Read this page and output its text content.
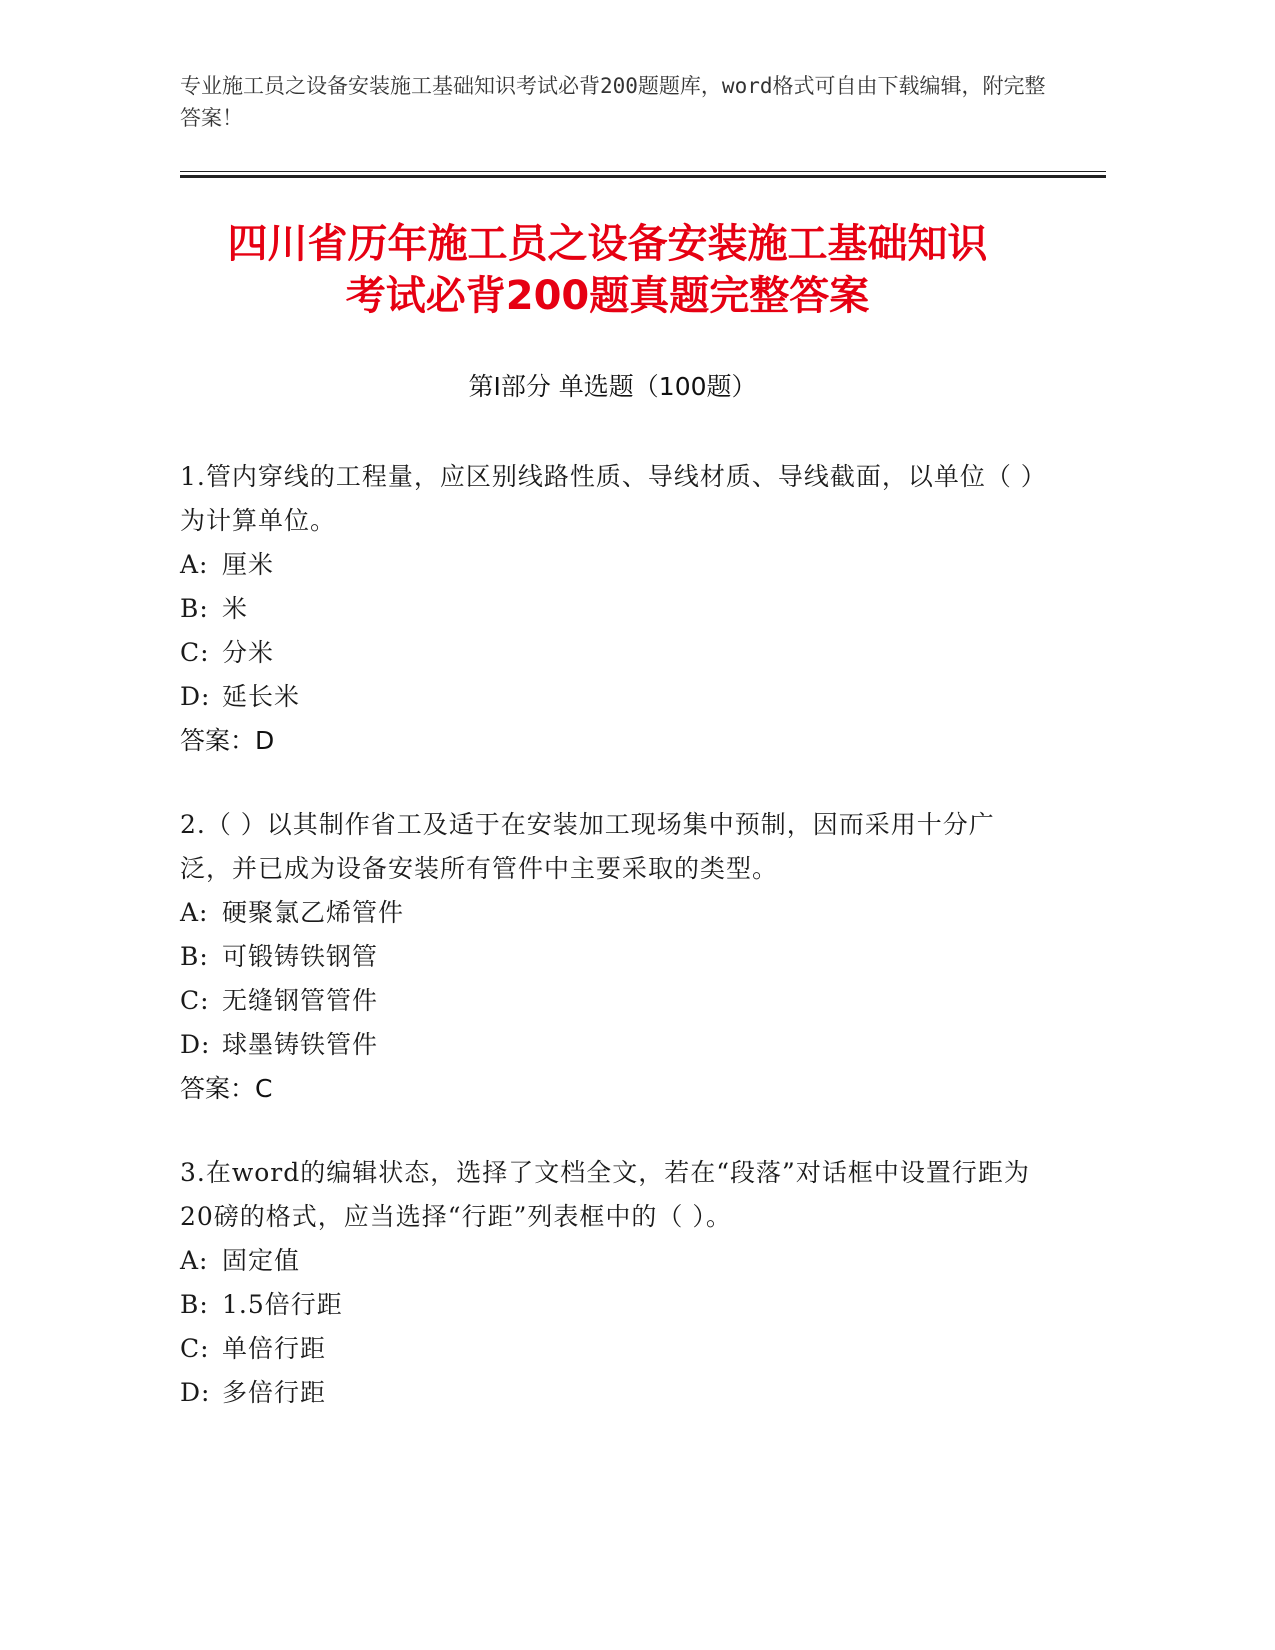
专业施工员之设备安装施工基础知识考试必背200题题库，word格式可自由下载编辑，附完整答案！
四川省历年施工员之设备安装施工基础知识
考试必背200题真题完整答案
第I部分 单选题（100题）
1.管内穿线的工程量，应区别线路性质、导线材质、导线截面，以单位（ ）为计算单位。
A: 厘米
B: 米
C: 分米
D: 延长米
答案：D
2.（ ）以其制作省工及适于在安装加工现场集中预制，因而采用十分广泛，并已成为设备安装所有管件中主要采取的类型。
A: 硬聚氯乙烯管件
B: 可锻铸铁钢管
C: 无缝钢管管件
D: 球墨铸铁管件
答案：C
3.在word的编辑状态，选择了文档全文，若在“段落”对话框中设置行距为20磅的格式，应当选择“行距”列表框中的（ ）。
A: 固定值
B: 1.5倍行距
C: 单倍行距
D: 多倍行距
